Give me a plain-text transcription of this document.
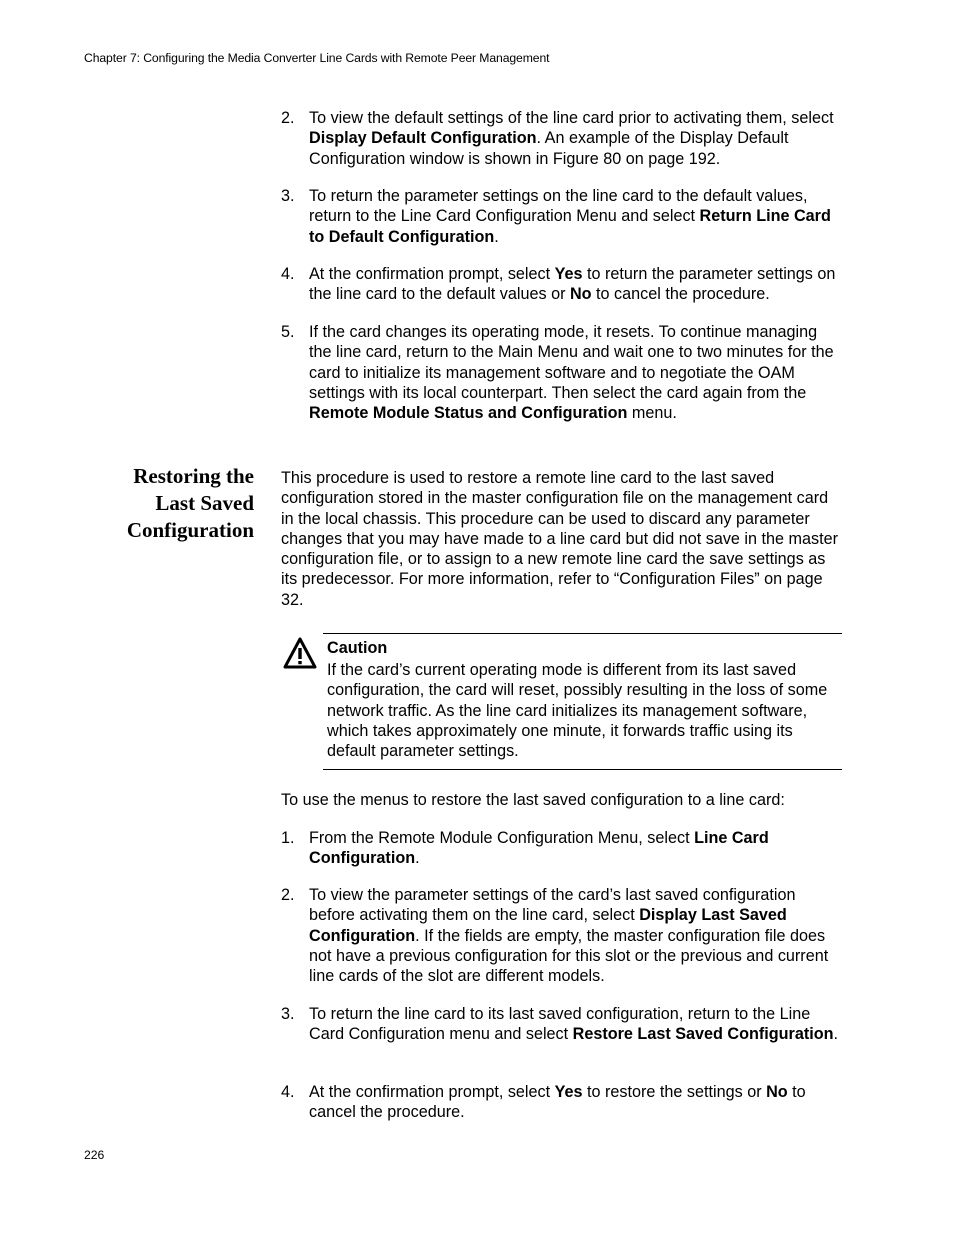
Chapter 7: Configuring the Media Converter Line Cards with Remote Peer Management
2. To view the default settings of the line card prior to activating them, select Display Default Configuration. An example of the Display Default Configuration window is shown in Figure 80 on page 192.
3. To return the parameter settings on the line card to the default values, return to the Line Card Configuration Menu and select Return Line Card to Default Configuration.
4. At the confirmation prompt, select Yes to return the parameter settings on the line card to the default values or No to cancel the procedure.
5. If the card changes its operating mode, it resets. To continue managing the line card, return to the Main Menu and wait one to two minutes for the card to initialize its management software and to negotiate the OAM settings with its local counterpart. Then select the card again from the Remote Module Status and Configuration menu.
Restoring the
Last Saved
Configuration
This procedure is used to restore a remote line card to the last saved configuration stored in the master configuration file on the management card in the local chassis. This procedure can be used to discard any parameter changes that you may have made to a line card but did not save in the master configuration file, or to assign to a new remote line card the save settings as its predecessor. For more information, refer to “Configuration Files” on page 32.
Caution
If the card’s current operating mode is different from its last saved configuration, the card will reset, possibly resulting in the loss of some network traffic. As the line card initializes its management software, which takes approximately one minute, it forwards traffic using its default parameter settings.
To use the menus to restore the last saved configuration to a line card:
1. From the Remote Module Configuration Menu, select Line Card Configuration.
2. To view the parameter settings of the card’s last saved configuration before activating them on the line card, select Display Last Saved Configuration. If the fields are empty, the master configuration file does not have a previous configuration for this slot or the previous and current line cards of the slot are different models.
3. To return the line card to its last saved configuration, return to the Line Card Configuration menu and select Restore Last Saved Configuration.
4. At the confirmation prompt, select Yes to restore the settings or No to cancel the procedure.
226
